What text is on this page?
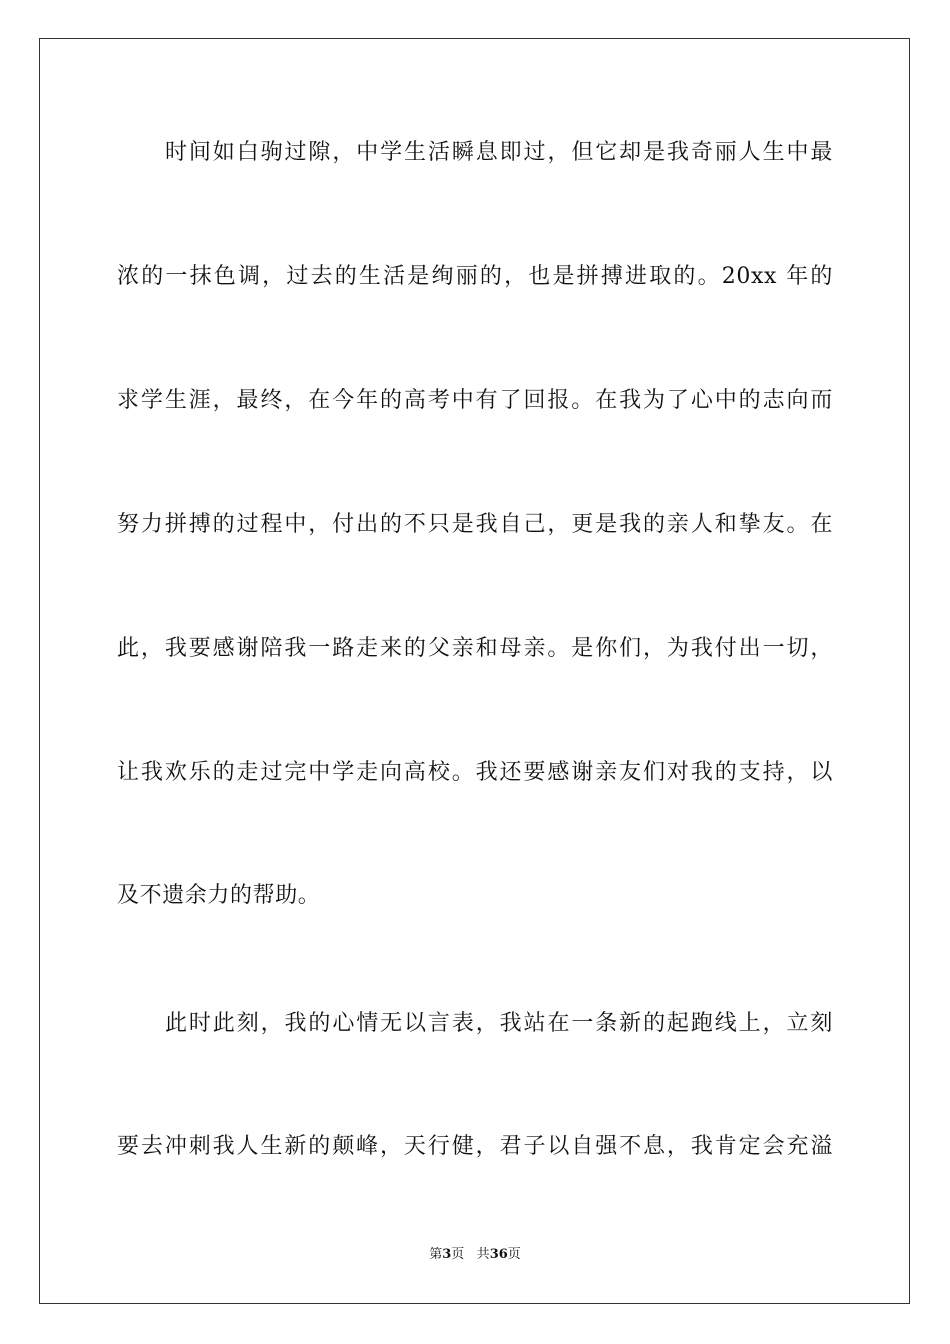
时间如白驹过隙，中学生活瞬息即过，但它却是我奇丽人生中最
浓的一抹色调，过去的生活是绚丽的，也是拼搏进取的。20xx 年的
求学生涯，最终，在今年的高考中有了回报。在我为了心中的志向而
努力拼搏的过程中，付出的不只是我自己，更是我的亲人和挚友。在
此，我要感谢陪我一路走来的父亲和母亲。是你们，为我付出一切，
让我欢乐的走过完中学走向高校。我还要感谢亲友们对我的支持，以
及不遗余力的帮助。
此时此刻，我的心情无以言表，我站在一条新的起跑线上，立刻
要去冲刺我人生新的颠峰，天行健，君子以自强不息，我肯定会充溢
第3页 共36页
